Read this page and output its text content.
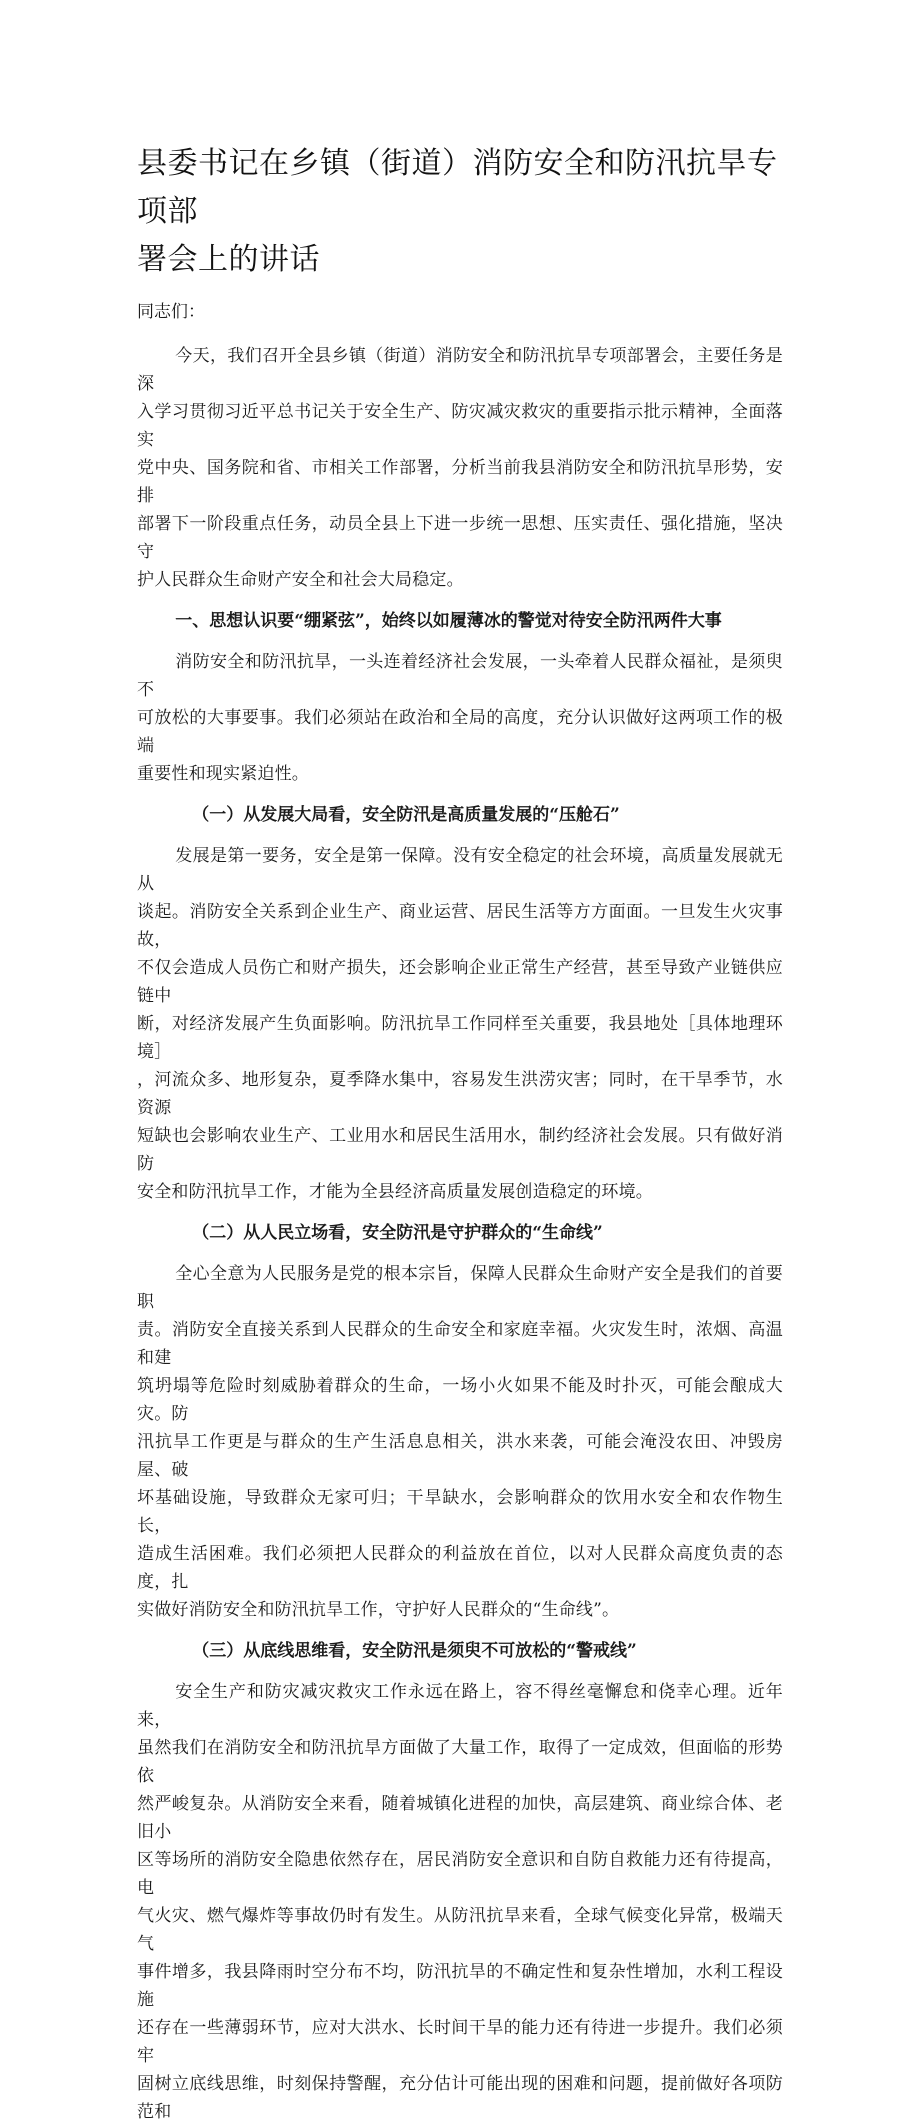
县委书记在乡镇（街道）消防安全和防汛抗旱专项部
署会上的讲话

同志们：

今天，我们召开全县乡镇（街道）消防安全和防汛抗旱专项部署会，主要任务是深
入学习贯彻习近平总书记关于安全生产、防灾减灾救灾的重要指示批示精神，全面落实
党中央、国务院和省、市相关工作部署，分析当前我县消防安全和防汛抗旱形势，安排
部署下一阶段重点任务，动员全县上下进一步统一思想、压实责任、强化措施，坚决守
护人民群众生命财产安全和社会大局稳定。

一、思想认识要“绷紧弦”，始终以如履薄冰的警觉对待安全防汛两件大事

消防安全和防汛抗旱，一头连着经济社会发展，一头牵着人民群众福祉，是须臾不
可放松的大事要事。我们必须站在政治和全局的高度，充分认识做好这两项工作的极端
重要性和现实紧迫性。

（一）从发展大局看，安全防汛是高质量发展的“压舱石”

发展是第一要务，安全是第一保障。没有安全稳定的社会环境，高质量发展就无从
谈起。消防安全关系到企业生产、商业运营、居民生活等方方面面。一旦发生火灾事故，
不仅会造成人员伤亡和财产损失，还会影响企业正常生产经营，甚至导致产业链供应链中
断，对经济发展产生负面影响。防汛抗旱工作同样至关重要，我县地处［具体地理环境］
，河流众多、地形复杂，夏季降水集中，容易发生洪涝灾害；同时，在干旱季节，水资源
短缺也会影响农业生产、工业用水和居民生活用水，制约经济社会发展。只有做好消防
安全和防汛抗旱工作，才能为全县经济高质量发展创造稳定的环境。

（二）从人民立场看，安全防汛是守护群众的“生命线”

全心全意为人民服务是党的根本宗旨，保障人民群众生命财产安全是我们的首要职
责。消防安全直接关系到人民群众的生命安全和家庭幸福。火灾发生时，浓烟、高温和建
筑坍塌等危险时刻威胁着群众的生命，一场小火如果不能及时扑灭，可能会酿成大灾。防
汛抗旱工作更是与群众的生产生活息息相关，洪水来袭，可能会淹没农田、冲毁房屋、破
坏基础设施，导致群众无家可归；干旱缺水，会影响群众的饮用水安全和农作物生长，
造成生活困难。我们必须把人民群众的利益放在首位，以对人民群众高度负责的态度，扎
实做好消防安全和防汛抗旱工作，守护好人民群众的“生命线”。

（三）从底线思维看，安全防汛是须臾不可放松的“警戒线”

安全生产和防灾减灾救灾工作永远在路上，容不得丝毫懈怠和侥幸心理。近年来，
虽然我们在消防安全和防汛抗旱方面做了大量工作，取得了一定成效，但面临的形势依
然严峻复杂。从消防安全来看，随着城镇化进程的加快，高层建筑、商业综合体、老旧小
区等场所的消防安全隐患依然存在，居民消防安全意识和自防自救能力还有待提高，电
气火灾、燃气爆炸等事故仍时有发生。从防汛抗旱来看，全球气候变化异常，极端天气
事件增多，我县降雨时空分布不均，防汛抗旱的不确定性和复杂性增加，水利工程设施
还存在一些薄弱环节，应对大洪水、长时间干旱的能力还有待进一步提升。我们必须牢
固树立底线思维，时刻保持警醒，充分估计可能出现的困难和问题，提前做好各项防范和
